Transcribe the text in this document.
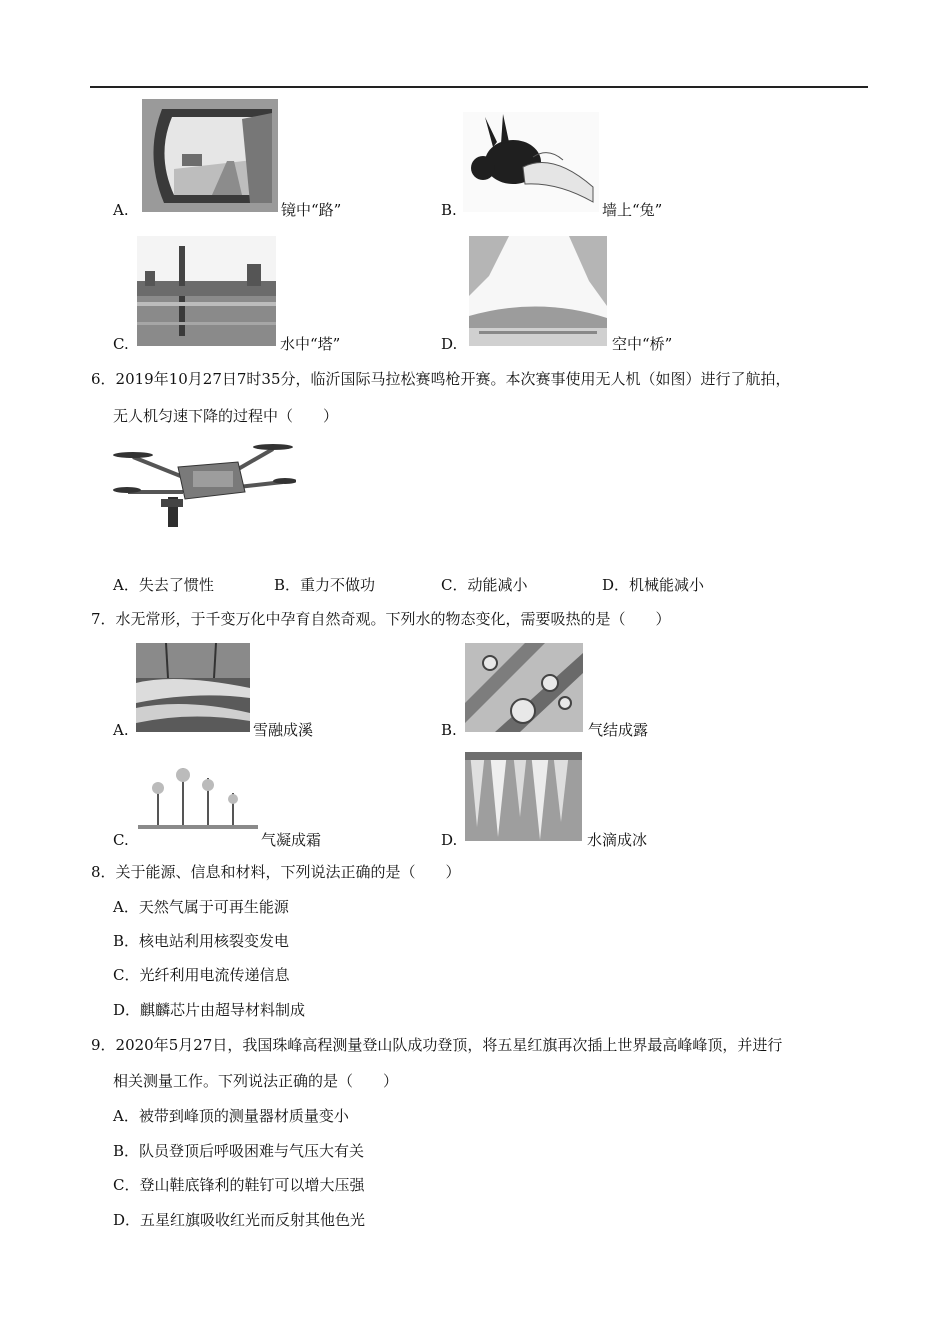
A.	镜中“路”	B.	墙上“兔”
C.	水中“塔”	D.	空中“桥”
6．2019年10月27日7时35分，临沂国际马拉松赛鸣枪开赛。本次赛事使用无人机（如图）进行了航拍，
无人机匀速下降的过程中（　　）
A．失去了惯性	B．重力不做功	C．动能减小	D．机械能减小
7．水无常形，于千变万化中孕育自然奇观。下列水的物态变化，需要吸热的是（　　）
A.	雪融成溪	B.	气结成露
C.	气凝成霜	D.	水滴成冰
8．关于能源、信息和材料，下列说法正确的是（　　）
A．天然气属于可再生能源
B．核电站利用核裂变发电
C．光纤利用电流传递信息
D．麒麟芯片由超导材料制成
9．2020年5月27日，我国珠峰高程测量登山队成功登顶，将五星红旗再次插上世界最高峰峰顶，并进行
相关测量工作。下列说法正确的是（　　）
A．被带到峰顶的测量器材质量变小
B．队员登顶后呼吸困难与气压大有关
C．登山鞋底锋利的鞋钉可以增大压强
D．五星红旗吸收红光而反射其他色光
